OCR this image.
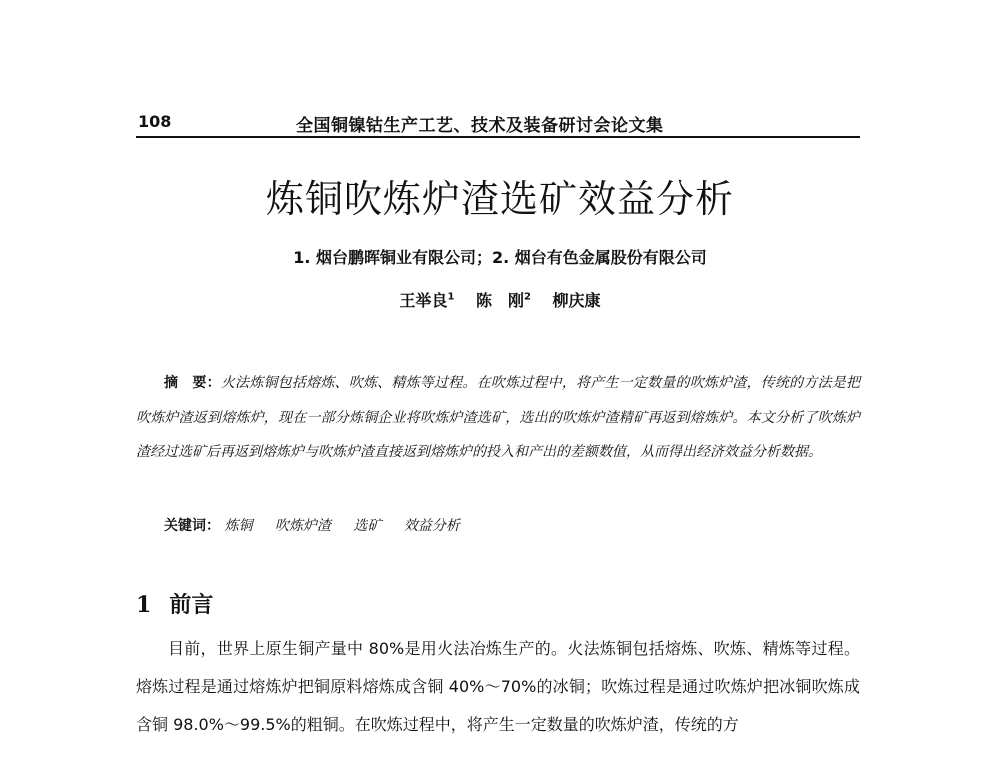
108	全国铜镍钴生产工艺、技术及装备研讨会论文集
炼铜吹炼炉渣选矿效益分析
1. 烟台鹏晖铜业有限公司；2. 烟台有色金属股份有限公司
王举良$^1$ 陈　刚$^2$ 柳庆康

摘　要：火法炼铜包括熔炼、吹炼、精炼等过程。在吹炼过程中，将产生一定数量的吹炼炉渣，传统的方法是把吹炼炉渣返到熔炼炉，现在一部分炼铜企业将吹炼炉渣选矿，选出的吹炼炉渣精矿再返到熔炼炉。本文分析了吹炼炉渣经过选矿后再返到熔炼炉与吹炼炉渣直接返到熔炼炉的投入和产出的差额数值，从而得出经济效益分析数据。

关键词： 炼铜 吹炼炉渣 选矿 效益分析
1 前言

目前，世界上原生铜产量中 80%是用火法冶炼生产的。火法炼铜包括熔炼、吹炼、精炼等过程。熔炼过程是通过熔炼炉把铜原料熔炼成含铜 40%～70%的冰铜；吹炼过程是通过吹炼炉把冰铜吹炼成含铜 98.0%～99.5%的粗铜。在吹炼过程中，将产生一定数量的吹炼炉渣，传统的方
